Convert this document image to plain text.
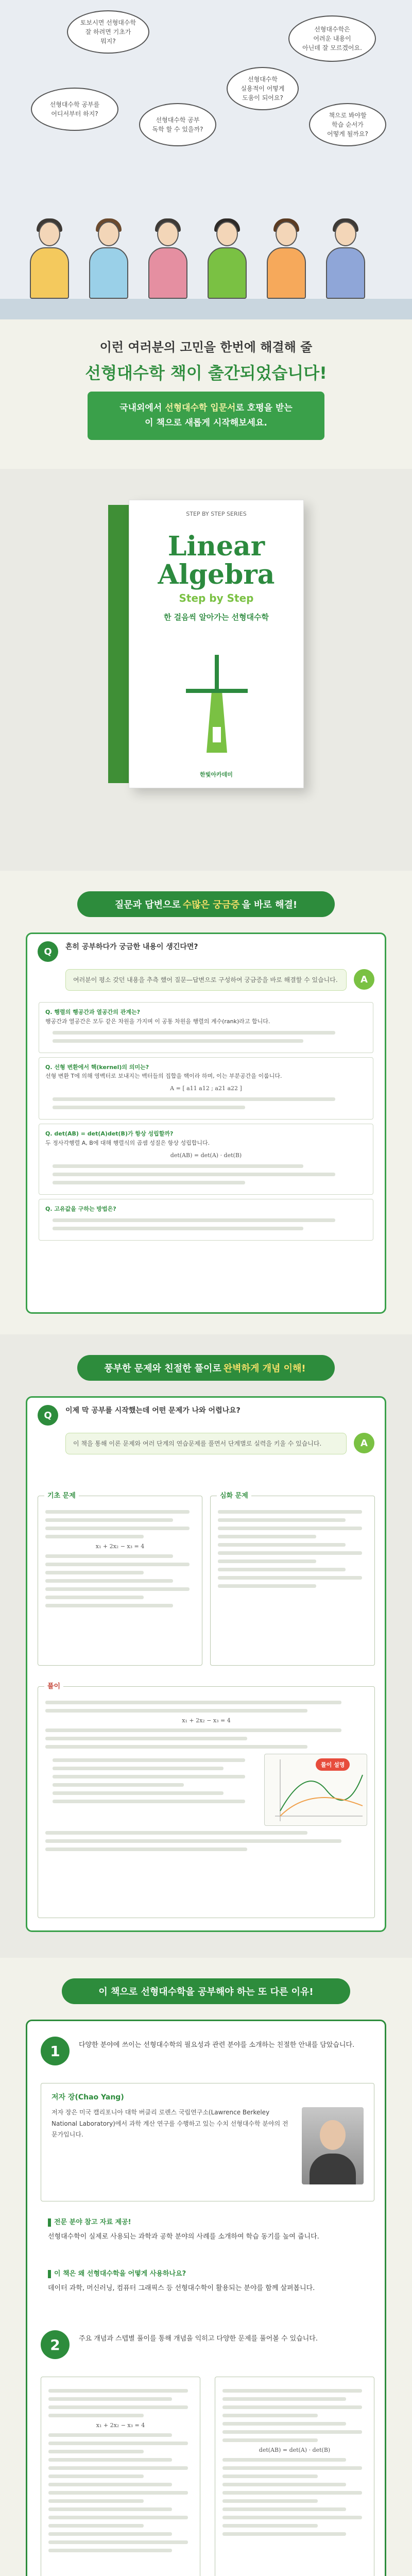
토보시면 선형대수학
잘 하려면 기초가
뭐지?
선형대수학 공부를
어디서부터 하지?
선형대수학 공부
독학 할 수 있을까?
선형대수학은
어려운 내용이
아닌데 잘 모르겠어요.
선형대수학
실용적이 어떻게
도움이 되어요?
책으로 봐야할
학습 순서가
어떻게 될까요?
이런 여러분의 고민을 한번에 해결해 줄
선형대수학 책이 출간되었습니다!
국내외에서 선형대수학 입문서로 호평을 받는
이 책으로 새롭게 시작해보세요.
STEP BY STEP SERIES
Linear
Algebra
Step by Step
한 걸음씩 알아가는 선형대수학
한빛아카데미
질문과 답변으로 수많은 궁금증 을 바로 해결!
Q	흔히 공부하다가 궁금한 내용이 생긴다면?
여러분이 평소 갖던 내용을 추측 했어 질문—답변으로 구성하여 궁금증을 바로 해결할 수 있습니다.	A
Q. 행렬의 행공간과 열공간의 관계는?
행공간과 열공간은 모두 같은 차원을 가지며 이 공통 차원을 행렬의 계수(rank)라고 합니다.
Q. 선형 변환에서 핵(kernel)의 의미는?
선형 변환 T에 의해 영벡터로 보내지는 벡터들의 집합을 핵이라 하며, 이는 부분공간을 이룹니다.
A = [ a11 a12 ; a21 a22 ]
Q. det(AB) = det(A)det(B)가 항상 성립할까?
두 정사각행렬 A, B에 대해 행렬식의 곱셈 성질은 항상 성립합니다.
det(AB) = det(A) · det(B)
Q. 고유값을 구하는 방법은?
풍부한 문제와 친절한 풀이로 완벽하게 개념 이해!
Q	이제 막 공부를 시작했는데 어떤 문제가 나와 어렵나요?
이 책을 통해 이론 문제와 여러 단계의 연습문제를 풀면서 단계별로 실력을 키울 수 있습니다.	A
기초 문제
x₁ + 2x₂ − x₃ = 4
심화 문제
풀이
x₁ + 2x₂ − x₃ = 4
풀이 설명
이 책으로 선형대수학을 공부해야 하는 또 다른 이유!
1	다양한 분야에 쓰이는 선형대수학의 필요성과 관련 분야를 소개하는 친절한 안내를 담았습니다.
저자 장(Chao Yang)
저자 장은 미국 캘리포니아 대학 버클리 로렌스 국립연구소(Lawrence Berkeley National Laboratory)에서 과학 계산 연구를 수행하고 있는 수치 선형대수학 분야의 전문가입니다.
전문 분야 참고 자료 제공!
선형대수학이 실제로 사용되는 과학과 공학 분야의 사례를 소개하여 학습 동기를 높여 줍니다.
이 책은 왜 선형대수학을 어떻게 사용하나요?
데이터 과학, 머신러닝, 컴퓨터 그래픽스 등 선형대수학이 활용되는 분야를 함께 살펴봅니다.
2	주요 개념과 스텝별 풀이를 통해 개념을 익히고 다양한 문제를 풀어볼 수 있습니다.
x₁ + 2x₂ − x₃ = 4
det(AB) = det(A) · det(B)
